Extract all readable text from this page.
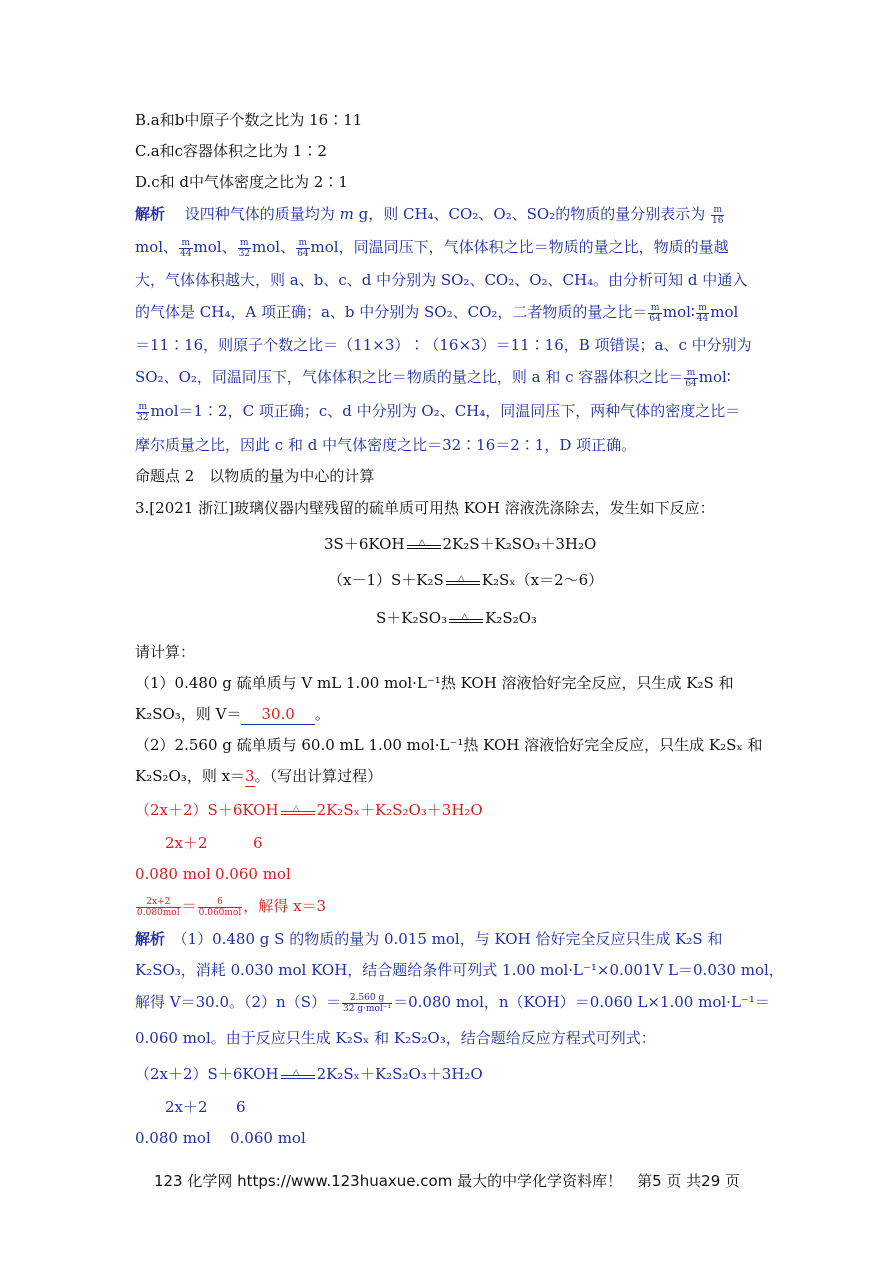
B.a和b中原子个数之比为 16∶11
C.a和c容器体积之比为 1∶2
D.c和 d中气体密度之比为 2∶1
解析　 设四种气体的质量均为 m g，则 CH₄、CO₂、O₂、SO₂的物质的量分别表示为 $\frac{m}{16}$
mol、 $\frac{m}{44}$ mol、 $\frac{m}{32}$ mol、 $\frac{m}{64}$ mol，同温同压下，气体体积之比＝物质的量之比，物质的量越
大，气体体积越大，则 a、b、c、d 中分别为 SO₂、CO₂、O₂、CH₄。由分析可知 d 中通入
的气体是 CH₄，A 项正确；a、b 中分别为 SO₂、CO₂，二者物质的量之比＝ $\frac{m}{64}$ mol∶ $\frac{m}{44}$ mol
＝11∶16，则原子个数之比＝（11×3）∶（16×3）＝11∶16，B 项错误；a、c 中分别为
SO₂、O₂，同温同压下，气体体积之比＝物质的量之比，则 a 和 c 容器体积之比＝ $\frac{m}{64}$ mol∶
$\frac{m}{32}$ mol＝1∶2，C 项正确；c、d 中分别为 O₂、CH₄，同温同压下，两种气体的密度之比＝
摩尔质量之比，因此 c 和 d 中气体密度之比＝32∶16＝2∶1，D 项正确。
命题点 2　以物质的量为中心的计算
3.[2021 浙江]玻璃仪器内壁残留的硫单质可用热 KOH 溶液洗涤除去，发生如下反应：
3S＋6KOH △ 2K₂S＋K₂SO₃＋3H₂O
（x－1）S＋K₂S △ K₂Sₓ（x＝2～6）
S＋K₂SO₃ △ K₂S₂O₃
请计算：
（1）0.480 g 硫单质与 V mL 1.00 mol·L⁻¹热 KOH 溶液恰好完全反应，只生成 K₂S 和
K₂SO₃，则 V＝ 30.0 。
（2）2.560 g 硫单质与 60.0 mL 1.00 mol·L⁻¹热 KOH 溶液恰好完全反应，只生成 K₂Sₓ 和
K₂S₂O₃，则 x＝3。（写出计算过程）
（2x＋2）S＋6KOH △ 2K₂Sₓ＋K₂S₂O₃＋3H₂O
2x＋2	6
0.080 mol 0.060 mol
$\frac{2x+2}{\text{0.080mol}} = \frac{6}{\text{0.060mol}}$ ，解得 x＝3
解析　 （1）0.480 g S 的物质的量为 0.015 mol，与 KOH 恰好完全反应只生成 K₂S 和
K₂SO₃，消耗 0.030 mol KOH，结合题给条件可列式 1.00 mol·L⁻¹×0.001V L＝0.030 mol，
解得 V＝30.0。$(2)n(S)= \frac{2.560 g}{\text{32 g·mol⁻¹}} =0.080$ mol，n（KOH）＝0.060 L×1.00 mol·L⁻¹＝
0.060 mol。由于反应只生成 K₂Sₓ 和 K₂S₂O₃，结合题给反应方程式可列式：
（2x＋2）S＋6KOH △ 2K₂Sₓ＋K₂S₂O₃＋3H₂O
2x＋2 6
0.080 mol 0.060 mol
123 化学网 https://www.123huaxue.com 最大的中学化学资料库！　第5 页 共29 页
